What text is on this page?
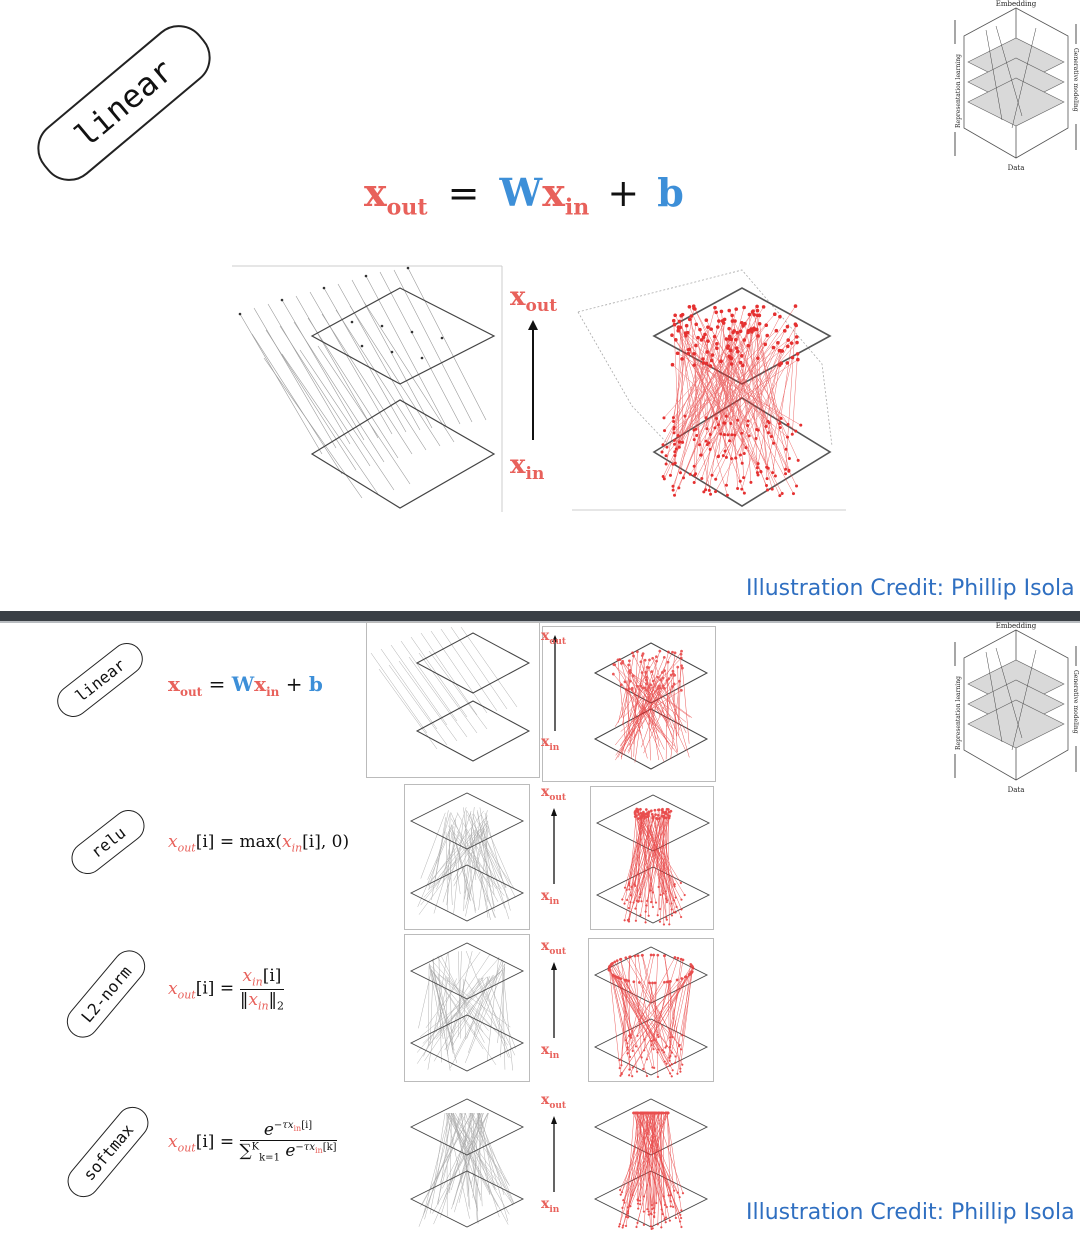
linear
$x_{out} = Wx_{in} + b$
$x_{out}$
$x_{in}$
Illustration Credit: Phillip Isola
Embedding
Data
Representation learning	Generative modeling
linear
relu
L2-norm
softmax
$x_{out} = Wx_{in} + b$
$x_{out}[i] = \max(x_{in}[i]$, 0)
$x_{out}[i] = \frac{x_{in}[i]}{‖x_{in}‖_2}$
$x_{out}[i] = \frac{e^{-\tau x_{in}[i]}}{\sum^K_{k=1} e^{-\tau x_{in}[k]}}$
$x_{out}$
$x_{in}$
$x_{out}$
$x_{in}$
$x_{out}$
$x_{in}$
$x_{out}$
$x_{in}$
Embedding
Data
Representation learning	Generative modeling
Illustration Credit: Phillip Isola
